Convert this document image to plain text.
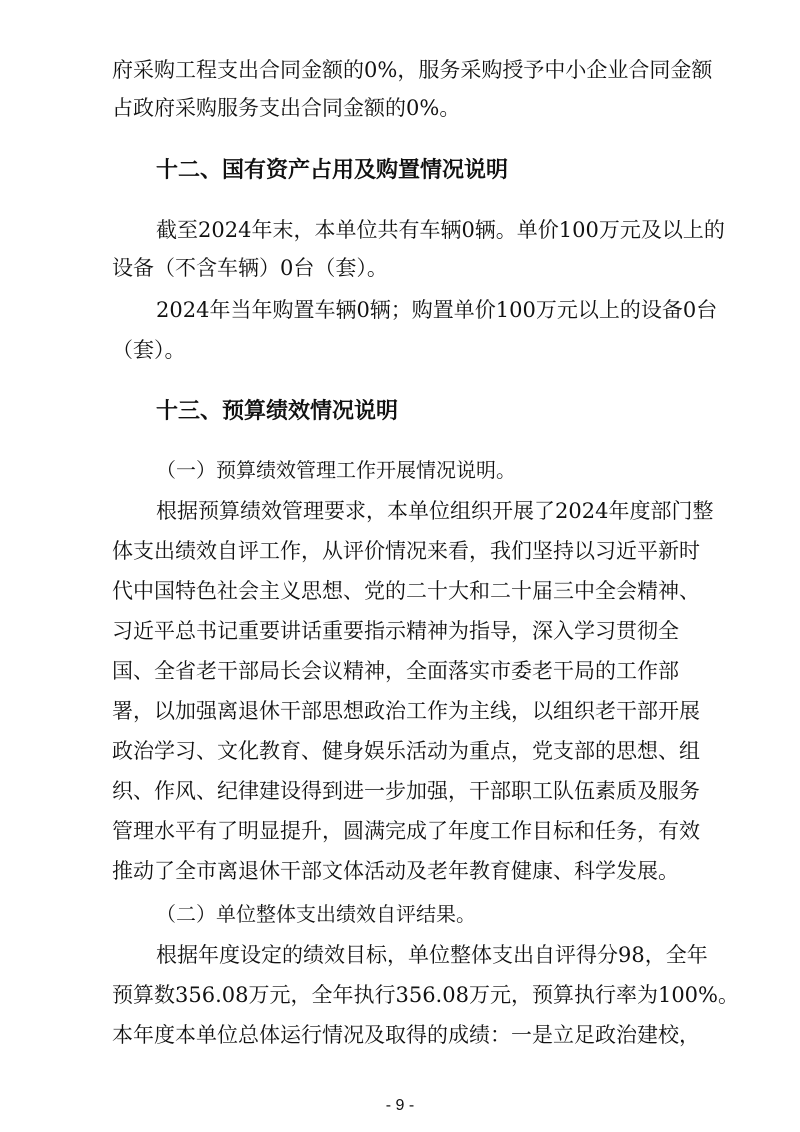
府采购工程支出合同金额的0%，服务采购授予中小企业合同金额
占政府采购服务支出合同金额的0%。
十二、国有资产占用及购置情况说明
截至2024年末，本单位共有车辆0辆。单价100万元及以上的
设备（不含车辆）0台（套）。
2024年当年购置车辆0辆；购置单价100万元以上的设备0台
（套）。
十三、预算绩效情况说明
（一）预算绩效管理工作开展情况说明。
根据预算绩效管理要求，本单位组织开展了2024年度部门整
体支出绩效自评工作，从评价情况来看，我们坚持以习近平新时
代中国特色社会主义思想、党的二十大和二十届三中全会精神、
习近平总书记重要讲话重要指示精神为指导，深入学习贯彻全
国、全省老干部局长会议精神，全面落实市委老干局的工作部
署，以加强离退休干部思想政治工作为主线，以组织老干部开展
政治学习、文化教育、健身娱乐活动为重点，党支部的思想、组
织、作风、纪律建设得到进一步加强，干部职工队伍素质及服务
管理水平有了明显提升，圆满完成了年度工作目标和任务，有效
推动了全市离退休干部文体活动及老年教育健康、科学发展。
（二）单位整体支出绩效自评结果。
根据年度设定的绩效目标，单位整体支出自评得分98，全年
预算数356.08万元，全年执行356.08万元，预算执行率为100%。
本年度本单位总体运行情况及取得的成绩：一是立足政治建校，
- 9 -
